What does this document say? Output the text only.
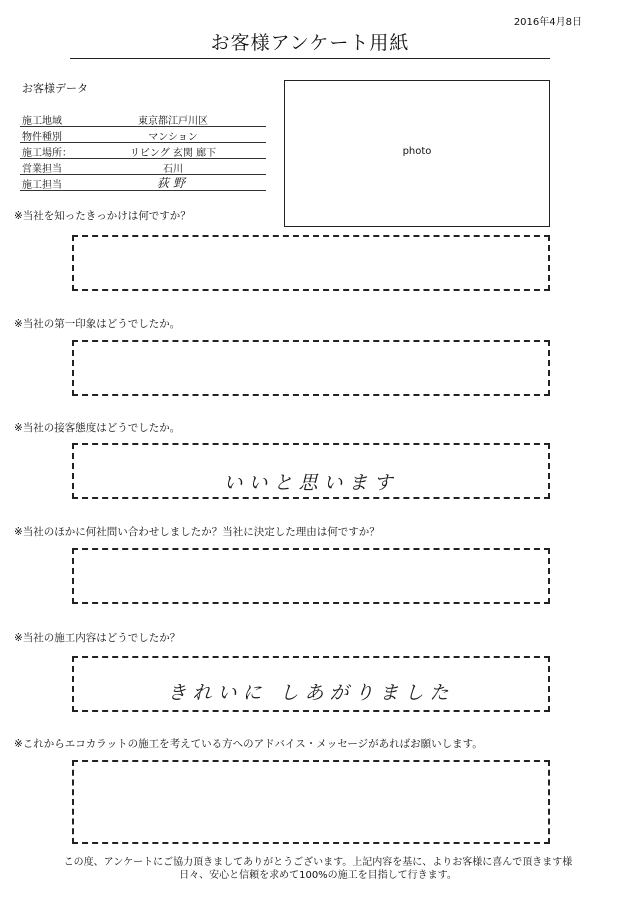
2016年4月8日
お客様アンケート用紙
お客様データ
施工地域	東京都江戸川区
物件種別	マンション
施工場所：	リビング 玄関 廊下
営業担当	石川
施工担当	荻野
photo
※当社を知ったきっかけは何ですか？
※当社の第一印象はどうでしたか。
※当社の接客態度はどうでしたか。
いいと思います
※当社のほかに何社問い合わせしましたか？当社に決定した理由は何ですか？
※当社の施工内容はどうでしたか？
きれいに しあがりました
※これからエコカラットの施工を考えている方へのアドバイス・メッセージがあればお願いします。
この度、アンケートにご協力頂きましてありがとうございます。上記内容を基に、よりお客様に喜んで頂きます様
日々、安心と信頼を求めて100%の施工を目指して行きます。
